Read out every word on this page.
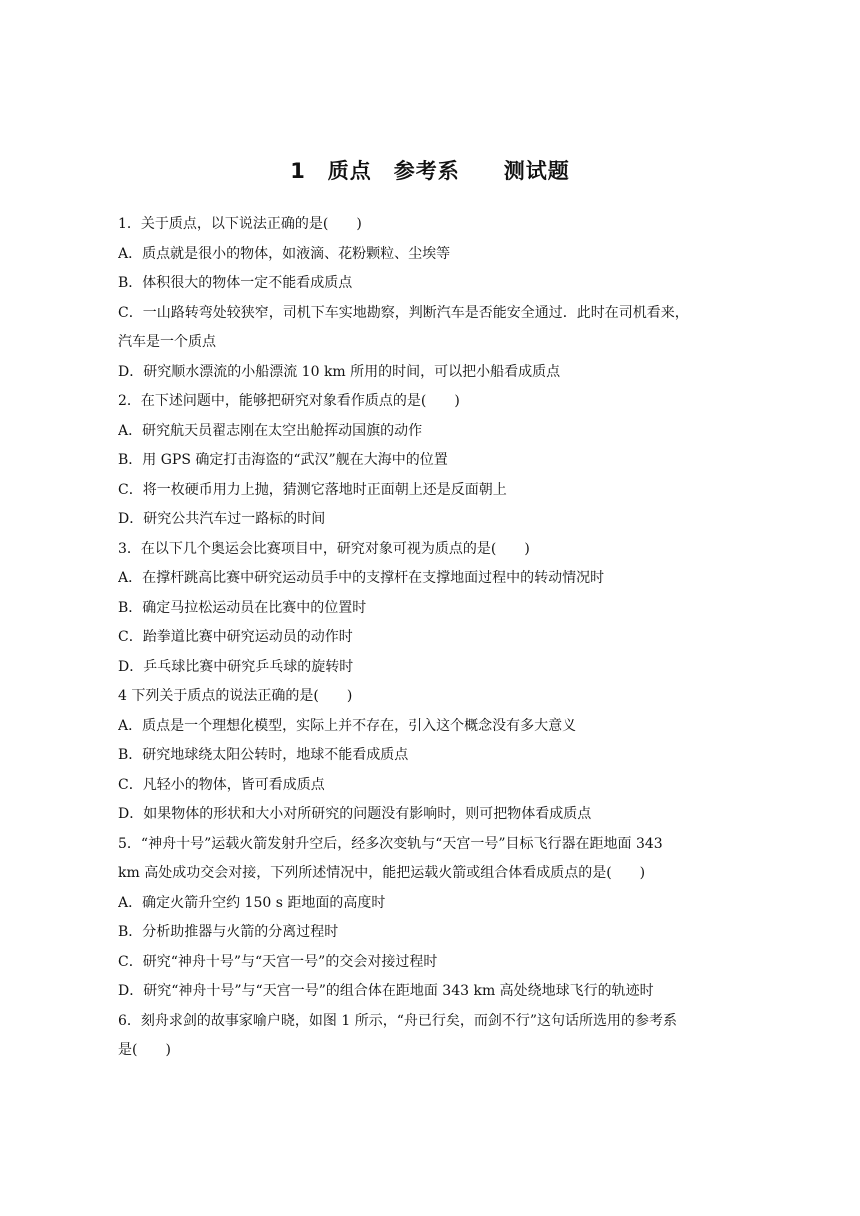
1　质点　参考系　　测试题
1．关于质点，以下说法正确的是(　　)
A．质点就是很小的物体，如液滴、花粉颗粒、尘埃等
B．体积很大的物体一定不能看成质点
C．一山路转弯处较狭窄，司机下车实地勘察，判断汽车是否能安全通过．此时在司机看来，
汽车是一个质点
D．研究顺水漂流的小船漂流 10 km 所用的时间，可以把小船看成质点
2．在下述问题中，能够把研究对象看作质点的是(　　)
A．研究航天员翟志刚在太空出舱挥动国旗的动作
B．用 GPS 确定打击海盗的“武汉”舰在大海中的位置
C．将一枚硬币用力上抛，猜测它落地时正面朝上还是反面朝上
D．研究公共汽车过一路标的时间
3．在以下几个奥运会比赛项目中，研究对象可视为质点的是(　　)
A．在撑杆跳高比赛中研究运动员手中的支撑杆在支撑地面过程中的转动情况时
B．确定马拉松运动员在比赛中的位置时
C．跆拳道比赛中研究运动员的动作时
D．乒乓球比赛中研究乒乓球的旋转时
4 下列关于质点的说法正确的是(　　)
A．质点是一个理想化模型，实际上并不存在，引入这个概念没有多大意义
B．研究地球绕太阳公转时，地球不能看成质点
C．凡轻小的物体，皆可看成质点
D．如果物体的形状和大小对所研究的问题没有影响时，则可把物体看成质点
5．“神舟十号”运载火箭发射升空后，经多次变轨与“天宫一号”目标飞行器在距地面 343
km 高处成功交会对接，下列所述情况中，能把运载火箭或组合体看成质点的是(　　)
A．确定火箭升空约 150 s 距地面的高度时
B．分析助推器与火箭的分离过程时
C．研究“神舟十号”与“天宫一号”的交会对接过程时
D．研究“神舟十号”与“天宫一号”的组合体在距地面 343 km 高处绕地球飞行的轨迹时
6．刻舟求剑的故事家喻户晓，如图 1 所示，“舟已行矣，而剑不行”这句话所选用的参考系
是(　　)
